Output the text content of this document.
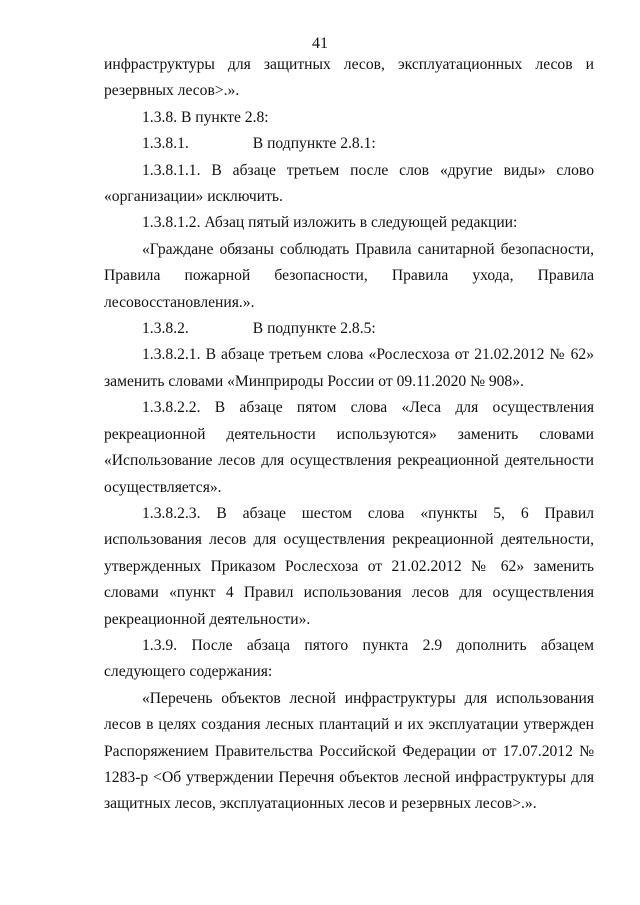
41

инфраструктуры для защитных лесов, эксплуатационных лесов и резервных лесов>.».

1.3.8. В пункте 2.8:

1.3.8.1.	В подпункте 2.8.1:

1.3.8.1.1. В абзаце третьем после слов «другие виды» слово «организации» исключить.

1.3.8.1.2. Абзац пятый изложить в следующей редакции:

«Граждане обязаны соблюдать Правила санитарной безопасности, Правила пожарной безопасности, Правила ухода, Правила лесовосстановления.».

1.3.8.2.	В подпункте 2.8.5:

1.3.8.2.1. В абзаце третьем слова «Рослесхоза от 21.02.2012 № 62» заменить словами «Минприроды России от 09.11.2020 № 908».

1.3.8.2.2. В абзаце пятом слова «Леса для осуществления рекреационной деятельности используются» заменить словами «Использование лесов для осуществления рекреационной деятельности осуществляется».

1.3.8.2.3. В абзаце шестом слова «пункты 5, 6 Правил использования лесов для осуществления рекреационной деятельности, утвержденных Приказом Рослесхоза от 21.02.2012 № 62» заменить словами «пункт 4 Правил использования лесов для осуществления рекреационной деятельности».

1.3.9. После абзаца пятого пункта 2.9 дополнить абзацем следующего содержания:

«Перечень объектов лесной инфраструктуры для использования лесов в целях создания лесных плантаций и их эксплуатации утвержден Распоряжением Правительства Российской Федерации от 17.07.2012 № 1283-р <Об утверждении Перечня объектов лесной инфраструктуры для защитных лесов, эксплуатационных лесов и резервных лесов>.».
